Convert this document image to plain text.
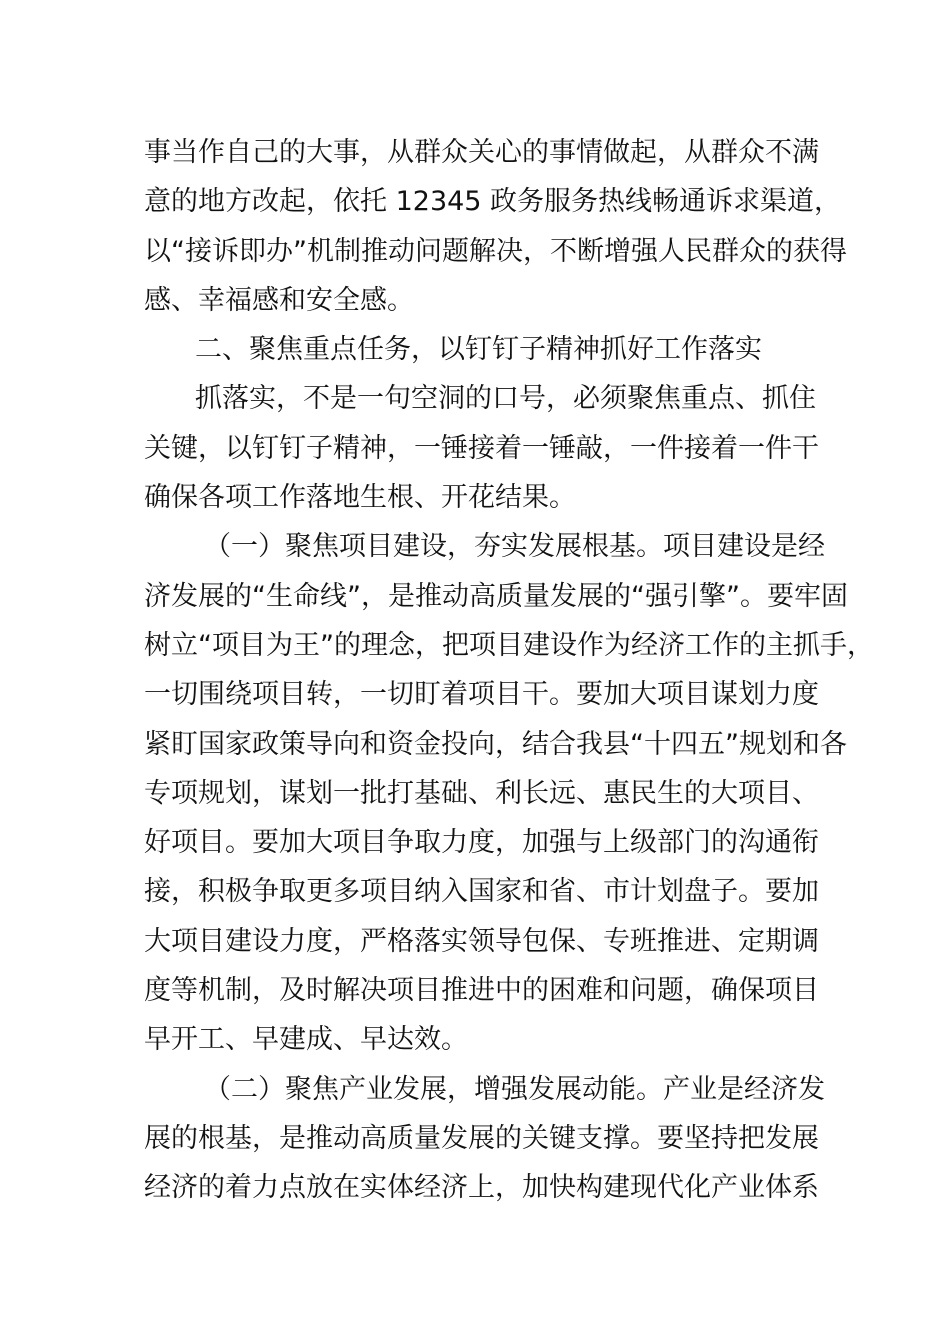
事当作自己的大事，从群众关心的事情做起，从群众不满
意的地方改起，依托 12345 政务服务热线畅通诉求渠道，
以“接诉即办”机制推动问题解决，不断增强人民群众的获得
感、幸福感和安全感。
二、聚焦重点任务，以钉钉子精神抓好工作落实
抓落实，不是一句空洞的口号，必须聚焦重点、抓住
关键，以钉钉子精神，一锤接着一锤敲，一件接着一件干
确保各项工作落地生根、开花结果。
（一）聚焦项目建设，夯实发展根基。项目建设是经
济发展的“生命线”，是推动高质量发展的“强引擎”。要牢固
树立“项目为王”的理念，把项目建设作为经济工作的主抓手，
一切围绕项目转，一切盯着项目干。要加大项目谋划力度
紧盯国家政策导向和资金投向，结合我县“十四五”规划和各
专项规划，谋划一批打基础、利长远、惠民生的大项目、
好项目。要加大项目争取力度，加强与上级部门的沟通衔
接，积极争取更多项目纳入国家和省、市计划盘子。要加
大项目建设力度，严格落实领导包保、专班推进、定期调
度等机制，及时解决项目推进中的困难和问题，确保项目
早开工、早建成、早达效。
（二）聚焦产业发展，增强发展动能。产业是经济发
展的根基，是推动高质量发展的关键支撑。要坚持把发展
经济的着力点放在实体经济上，加快构建现代化产业体系
